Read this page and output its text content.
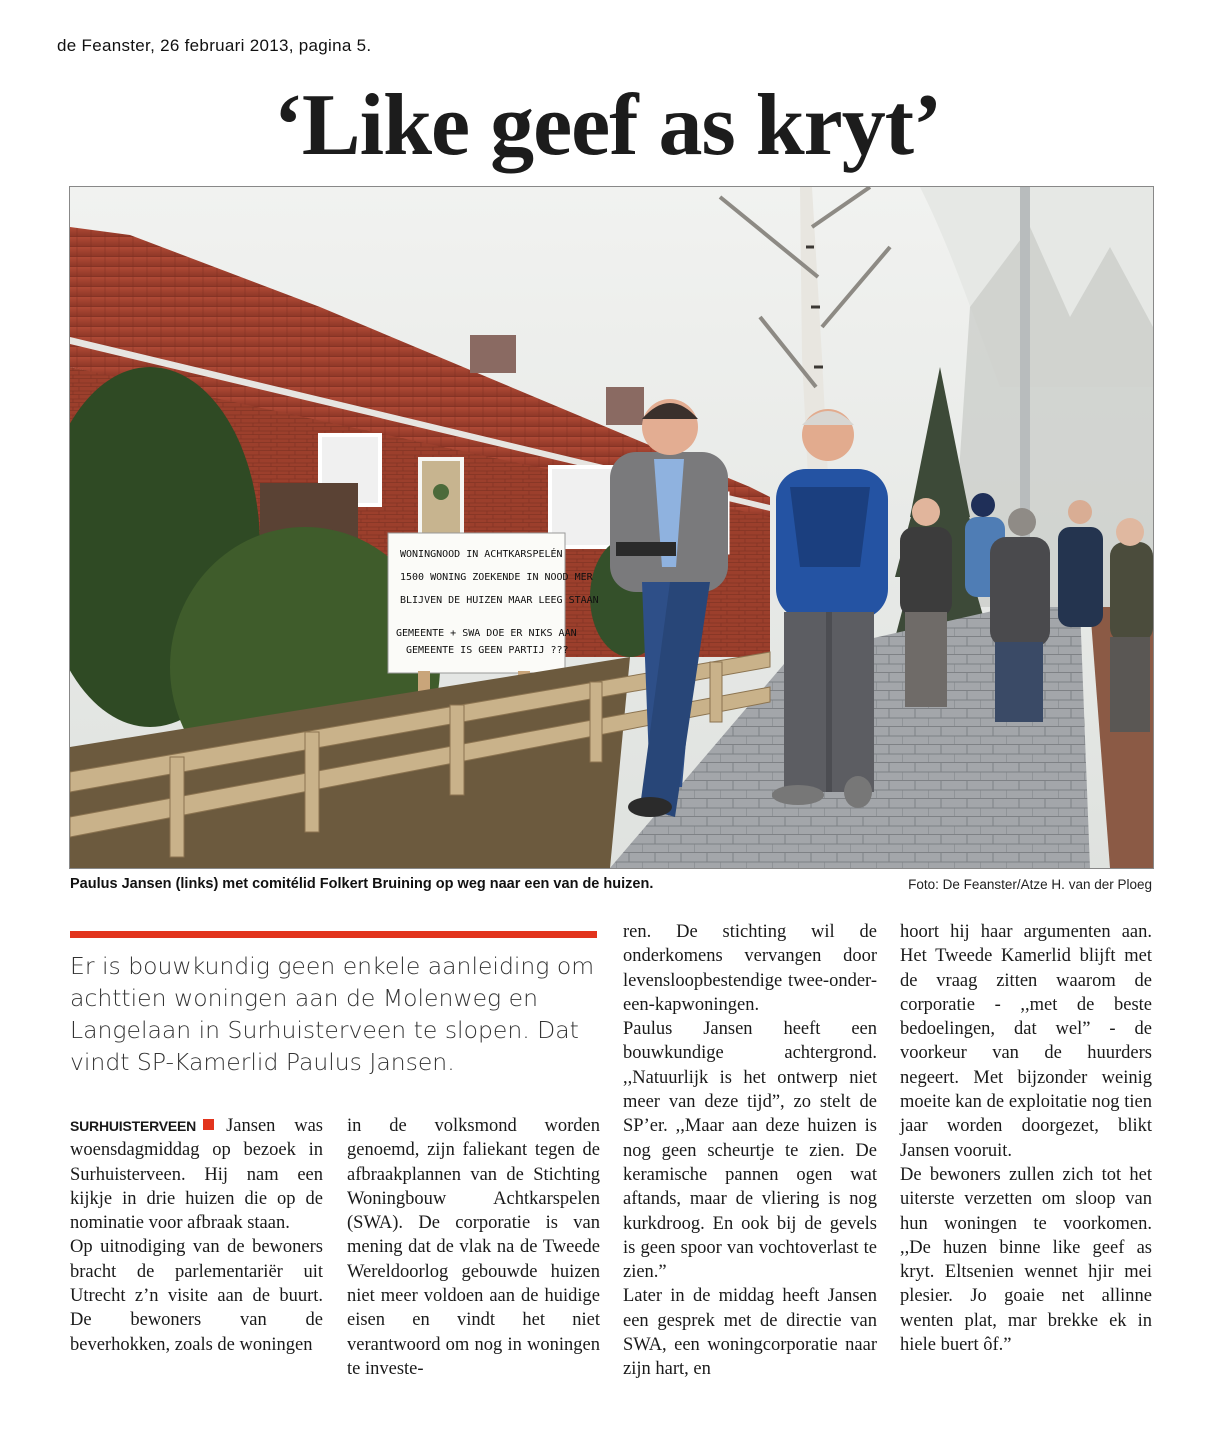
de Feanster, 26 februari 2013, pagina 5.
‘Like geef as kryt’
WONINGNOOD IN ACHTKARSPELÉN
1500 WONING ZOEKENDE IN NOOD MER
BLIJVEN DE HUIZEN MAAR LEEG STAAN
GEMEENTE + SWA DOE ER NIKS AAN
GEMEENTE IS GEEN PARTIJ ???
Paulus Jansen (links) met comitélid Folkert Bruining op weg naar een van de huizen.	Foto: De Feanster/Atze H. van der Ploeg

Er is bouwkundig geen enkele aanleiding om achttien woningen aan de Molenweg en Langelaan in Surhuisterveen te slopen. Dat vindt SP-Kamerlid Paulus Jansen.

SURHUISTERVEEN Jansen was woensdagmiddag op bezoek in Surhuisterveen. Hij nam een kijkje in drie huizen die op de nominatie voor afbraak staan.

Op uitnodiging van de bewoners bracht de parlementariër uit Utrecht z’n visite aan de buurt. De bewoners van de beverhokken, zoals de woningen

in de volksmond worden genoemd, zijn faliekant tegen de afbraakplannen van de Stichting Woningbouw Achtkarspelen (SWA). De corporatie is van mening dat de vlak na de Tweede Wereldoorlog gebouwde huizen niet meer voldoen aan de huidige eisen en vindt het niet verantwoord om nog in woningen te investe-

ren. De stichting wil de onderkomens vervangen door levensloopbestendige twee-onder-een-kapwoningen.

Paulus Jansen heeft een bouwkundige achtergrond. ,,Natuurlijk is het ontwerp niet meer van deze tijd”, zo stelt de SP’er. ,,Maar aan deze huizen is nog geen scheurtje te zien. De keramische pannen ogen wat aftands, maar de vliering is nog kurkdroog. En ook bij de gevels is geen spoor van vochtoverlast te zien.”

Later in de middag heeft Jansen een gesprek met de directie van SWA, een woningcorporatie naar zijn hart, en

hoort hij haar argumenten aan. Het Tweede Kamerlid blijft met de vraag zitten waarom de corporatie - ,,met de beste bedoelingen, dat wel” - de voorkeur van de huurders negeert. Met bijzonder weinig moeite kan de exploitatie nog tien jaar worden doorgezet, blikt Jansen vooruit.

De bewoners zullen zich tot het uiterste verzetten om sloop van hun woningen te voorkomen. ,,De huzen binne like geef as kryt. Eltsenien wennet hjir mei plesier. Jo goaie net allinne wenten plat, mar brekke ek in hiele buert ôf.”
